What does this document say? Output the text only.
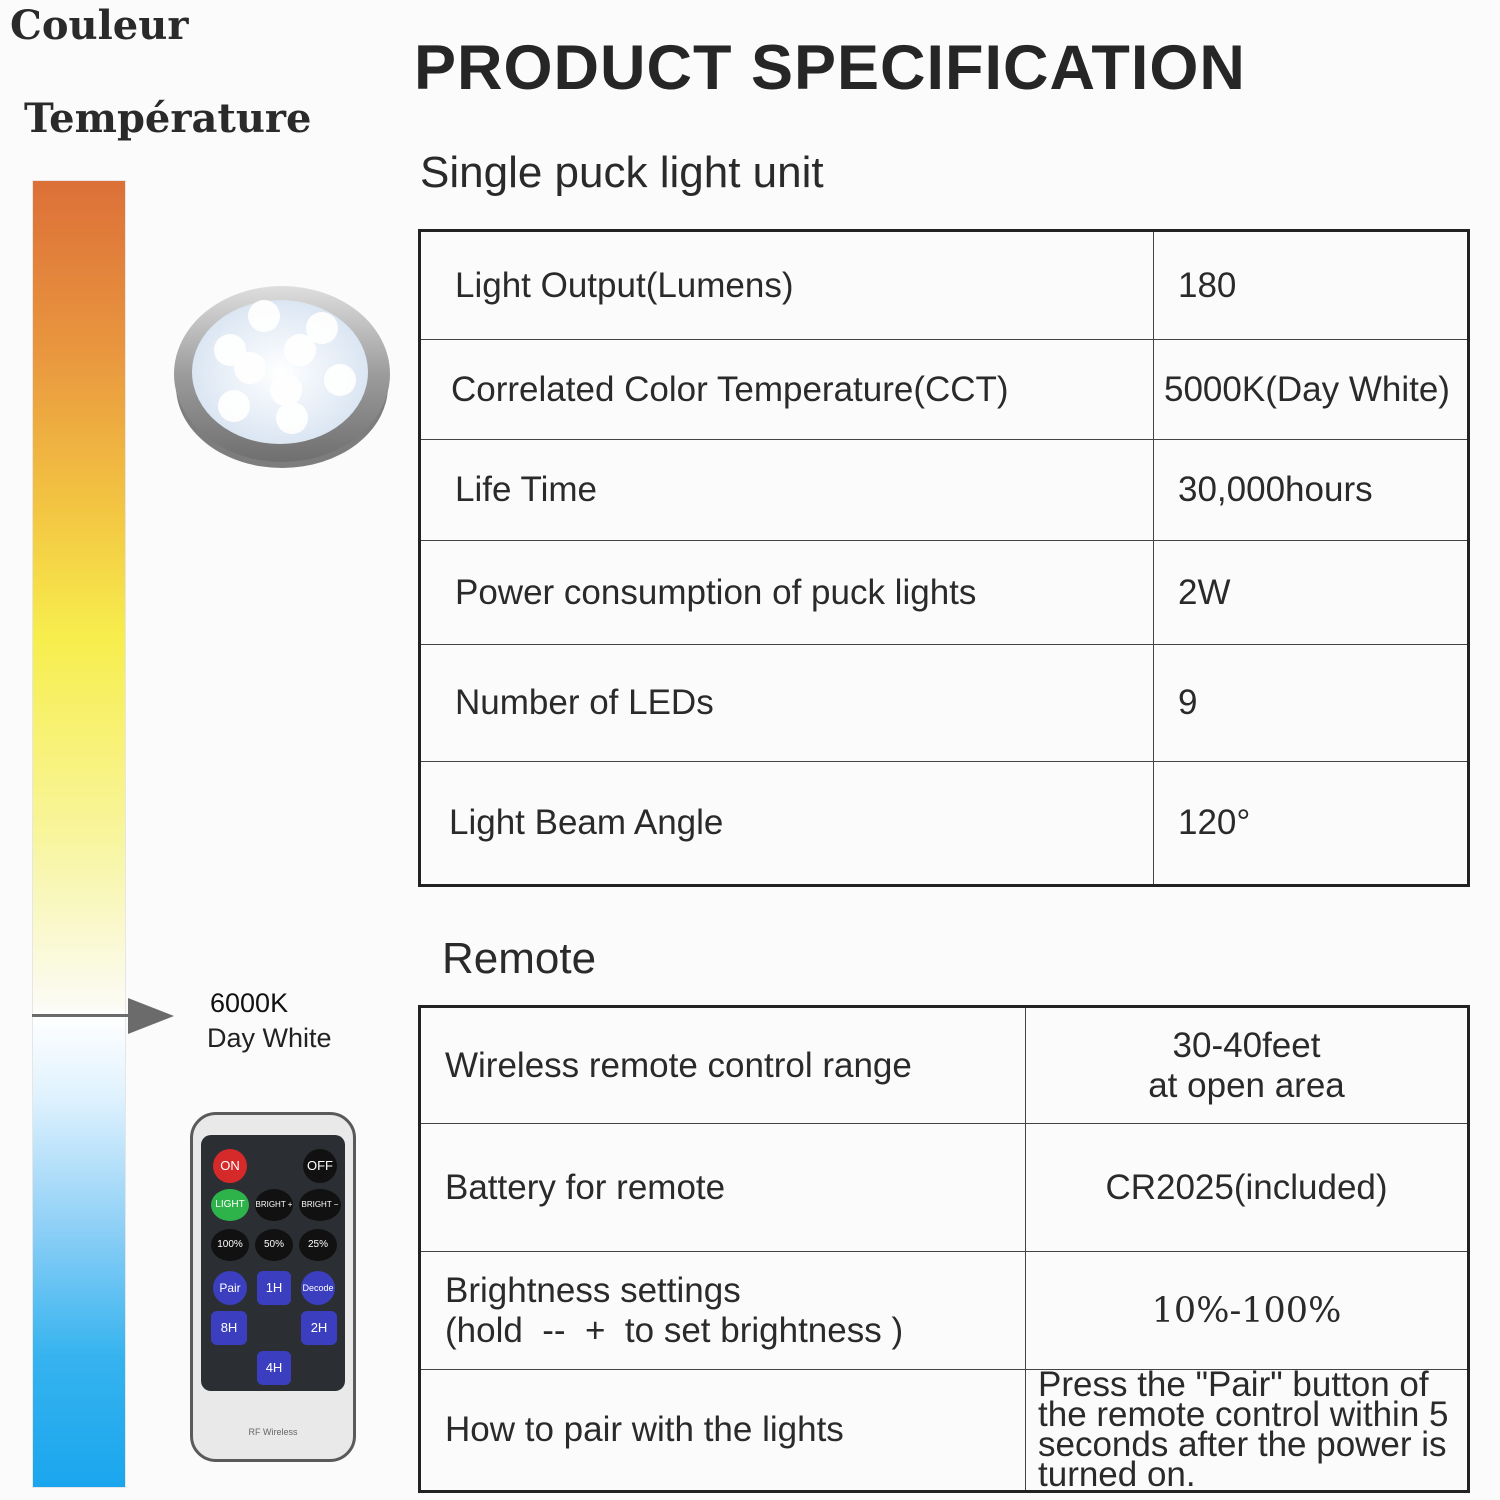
Couleur
Température
6000K
Day White
ON	OFF
LIGHT	BRIGHT +	BRIGHT −
100%	50%	25%
Pair	1H	Decode
8H	2H
4H
RF Wireless
PRODUCT SPECIFICATION
Single puck light unit
Light Output(Lumens)	180
Correlated Color Temperature(CCT)	5000K(Day White)
Life Time	30,000hours
Power consumption of puck lights	2W
Number of LEDs	9
Light Beam Angle	120°
Remote
Wireless remote control range	30-40feet
at open area

Battery for remote	CR2025(included)

Brightness settings
(hold  --  +  to set brightness )	10%-100%
How to pair with the lights	Press the "Pair" button of the remote control within 5 seconds after the power is turned on.
